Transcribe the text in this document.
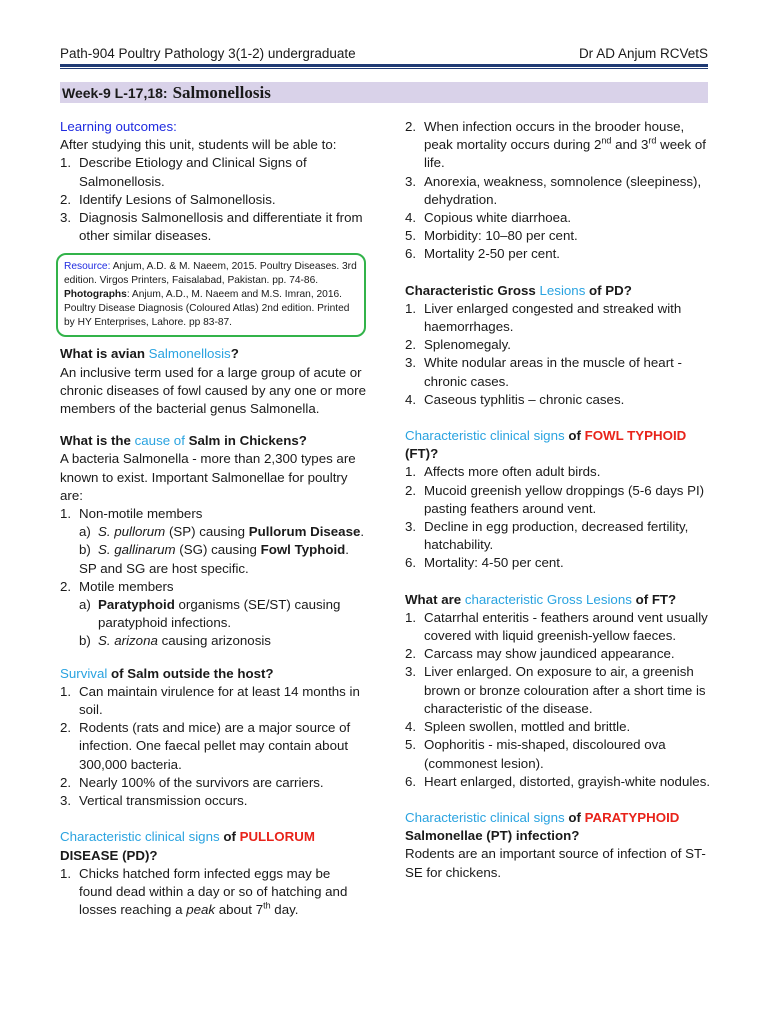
Path-904 Poultry Pathology 3(1-2) undergraduate	Dr AD Anjum RCVetS
Week-9 L-17,18: Salmonellosis

Learning outcomes:

After studying this unit, students will be able to:

1. Describe Etiology and Clinical Signs of Salmonellosis.
2. Identify Lesions of Salmonellosis.
3. Diagnosis Salmonellosis and differentiate it from other similar diseases.
Resource: Anjum, A.D. & M. Naeem, 2015. Poultry Diseases. 3rd edition. Virgos Printers, Faisalabad, Pakistan. pp. 74-86.
Photographs: Anjum, A.D., M. Naeem and M.S. Imran, 2016. Poultry Disease Diagnosis (Coloured Atlas) 2nd edition. Printed by HY Enterprises, Lahore. pp 83-87.

What is avian Salmonellosis?

An inclusive term used for a large group of acute or chronic diseases of fowl caused by any one or more members of the bacterial genus Salmonella.

What is the cause of Salm in Chickens?

A bacteria Salmonella - more than 2,300 types are known to exist. Important Salmonellae for poultry are:

1. Non-motile members
a) S. pullorum (SP) causing Pullorum Disease.
b) S. gallinarum (SG) causing Fowl Typhoid.
SP and SG are host specific.
2. Motile members
a) Paratyphoid organisms (SE/ST) causing paratyphoid infections.
b) S. arizona causing arizonosis

Survival of Salm outside the host?

1. Can maintain virulence for at least 14 months in soil.
2. Rodents (rats and mice) are a major source of infection. One faecal pellet may contain about 300,000 bacteria.
2. Nearly 100% of the survivors are carriers.
3. Vertical transmission occurs.

Characteristic clinical signs of PULLORUM
DISEASE (PD)?

1. Chicks hatched form infected eggs may be found dead within a day or so of hatching and losses reaching a peak about 7th day.
2. When infection occurs in the brooder house, peak mortality occurs during 2nd and 3rd week of life.
3. Anorexia, weakness, somnolence (sleepiness), dehydration.
4. Copious white diarrhoea.
5. Morbidity: 10–80 per cent.
6. Mortality 2-50 per cent.

Characteristic Gross Lesions of PD?

1. Liver enlarged congested and streaked with haemorrhages.
2. Splenomegaly.
3. White nodular areas in the muscle of heart - chronic cases.
4. Caseous typhlitis – chronic cases.

Characteristic clinical signs of FOWL TYPHOID
(FT)?

1. Affects more often adult birds.
2. Mucoid greenish yellow droppings (5-6 days PI) pasting feathers around vent.
3. Decline in egg production, decreased fertility, hatchability.
6. Mortality: 4-50 per cent.

What are characteristic Gross Lesions of FT?

1. Catarrhal enteritis - feathers around vent usually covered with liquid greenish-yellow faeces.
2. Carcass may show jaundiced appearance.
3. Liver enlarged. On exposure to air, a greenish brown or bronze colouration after a short time is characteristic of the disease.
4. Spleen swollen, mottled and brittle.
5. Oophoritis - mis-shaped, discoloured ova (commonest lesion).
6. Heart enlarged, distorted, grayish-white nodules.

Characteristic clinical signs of PARATYPHOID
Salmonellae (PT) infection?

Rodents are an important source of infection of ST-SE for chickens.
